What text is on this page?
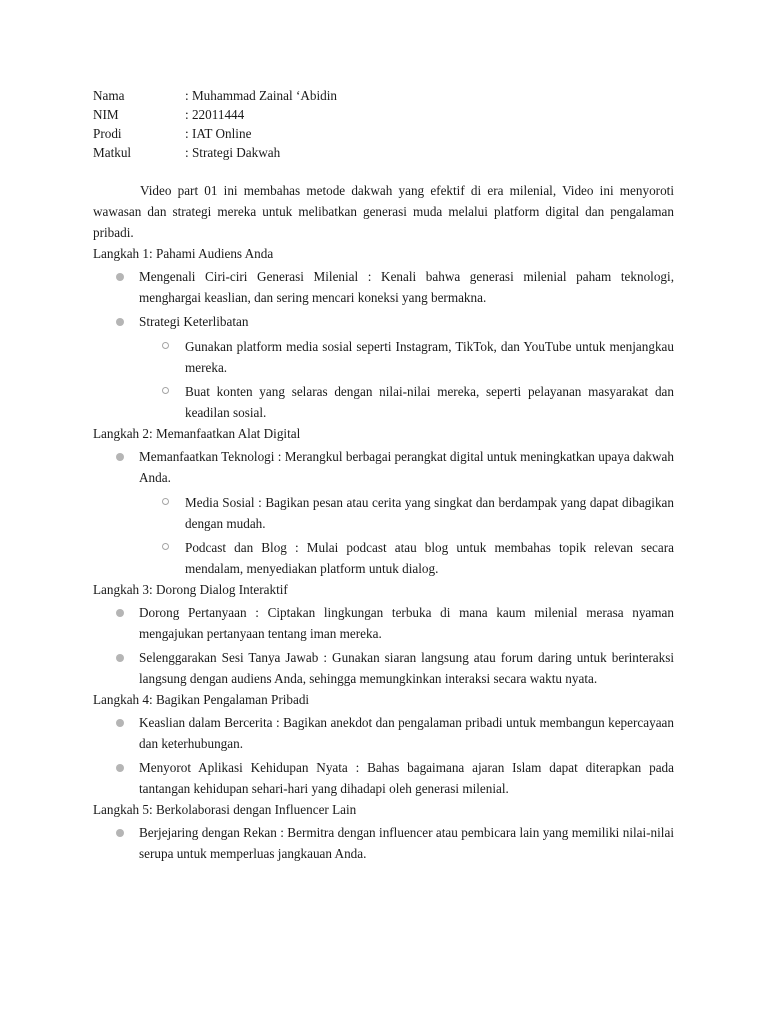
Nama	: Muhammad Zainal ‘Abidin
NIM	: 22011444
Prodi	: IAT Online
Matkul	: Strategi Dakwah

Video part 01 ini membahas metode dakwah yang efektif di era milenial, Video ini menyoroti wawasan dan strategi mereka untuk melibatkan generasi muda melalui platform digital dan pengalaman pribadi.

Langkah 1: Pahami Audiens Anda

Mengenali Ciri-ciri Generasi Milenial : Kenali bahwa generasi milenial paham teknologi, menghargai keaslian, dan sering mencari koneksi yang bermakna.
Strategi Keterlibatan
Gunakan platform media sosial seperti Instagram, TikTok, dan YouTube untuk menjangkau mereka.
Buat konten yang selaras dengan nilai-nilai mereka, seperti pelayanan masyarakat dan keadilan sosial.

Langkah 2: Memanfaatkan Alat Digital

Memanfaatkan Teknologi : Merangkul berbagai perangkat digital untuk meningkatkan upaya dakwah Anda.
Media Sosial : Bagikan pesan atau cerita yang singkat dan berdampak yang dapat dibagikan dengan mudah.
Podcast dan Blog : Mulai podcast atau blog untuk membahas topik relevan secara mendalam, menyediakan platform untuk dialog.

Langkah 3: Dorong Dialog Interaktif

Dorong Pertanyaan : Ciptakan lingkungan terbuka di mana kaum milenial merasa nyaman mengajukan pertanyaan tentang iman mereka.
Selenggarakan Sesi Tanya Jawab : Gunakan siaran langsung atau forum daring untuk berinteraksi langsung dengan audiens Anda, sehingga memungkinkan interaksi secara waktu nyata.

Langkah 4: Bagikan Pengalaman Pribadi

Keaslian dalam Bercerita : Bagikan anekdot dan pengalaman pribadi untuk membangun kepercayaan dan keterhubungan.
Menyorot Aplikasi Kehidupan Nyata : Bahas bagaimana ajaran Islam dapat diterapkan pada tantangan kehidupan sehari-hari yang dihadapi oleh generasi milenial.

Langkah 5: Berkolaborasi dengan Influencer Lain

Berjejaring dengan Rekan : Bermitra dengan influencer atau pembicara lain yang memiliki nilai-nilai serupa untuk memperluas jangkauan Anda.
